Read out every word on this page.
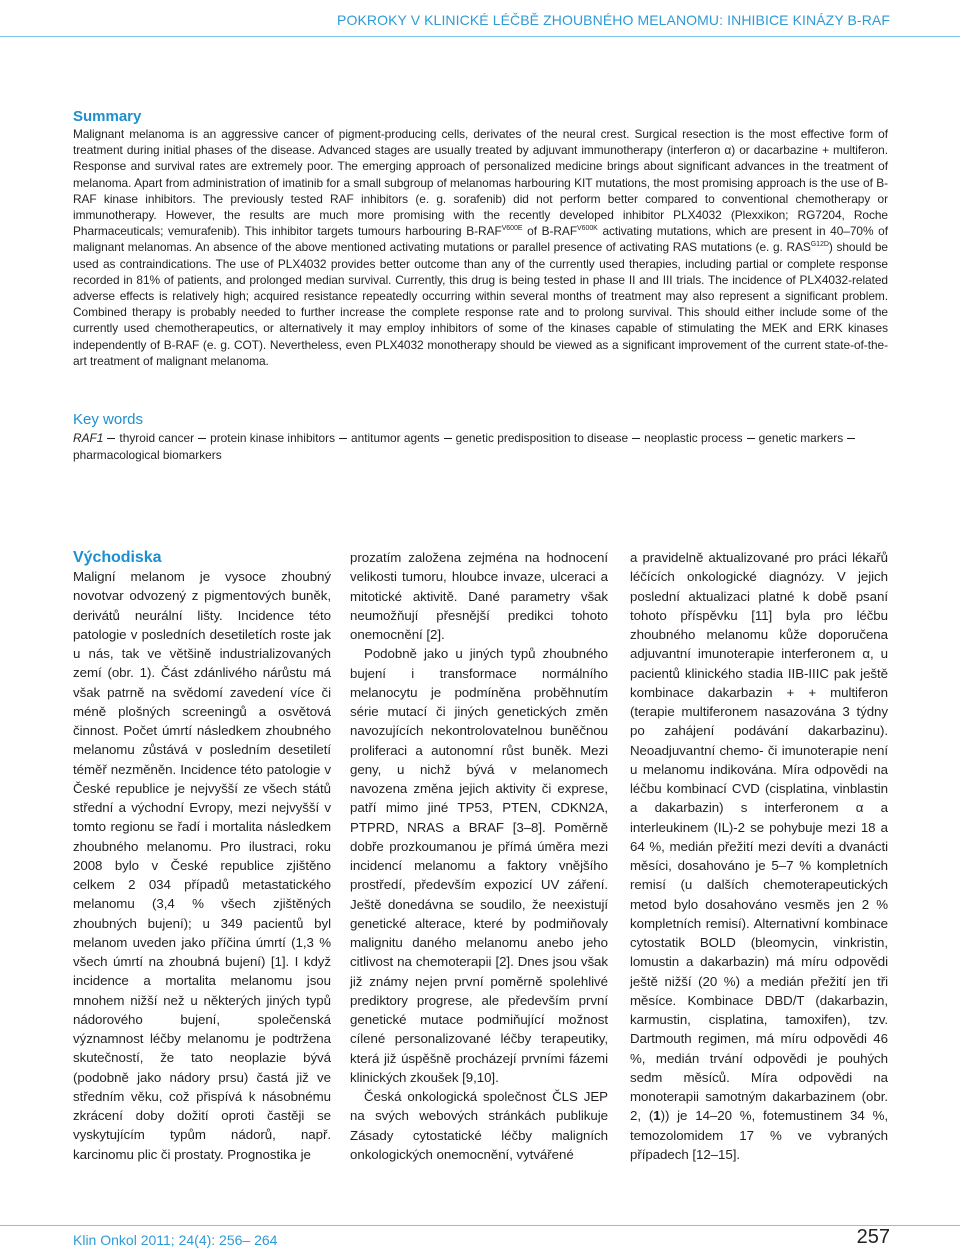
POKROKY V KLINICKÉ LÉČBĚ ZHOUBNÉHO MELANOMU: INHIBICE KINÁZY B-RAF
Summary

Malignant melanoma is an aggressive cancer of pigment-producing cells, derivates of the neural crest. Surgical resection is the most effective form of treatment during initial phases of the disease. Advanced stages are usually treated by adjuvant immunotherapy (interferon α) or dacarbazine + multiferon. Response and survival rates are extremely poor. The emerging approach of personalized medicine brings about significant advances in the treatment of melanoma. Apart from administration of imatinib for a small subgroup of melanomas harbouring KIT mutations, the most promising approach is the use of B-RAF kinase inhibitors. The previously tested RAF inhibitors (e. g. sorafenib) did not perform better compared to conventional chemotherapy or immunotherapy. However, the results are much more promising with the recently developed inhibitor PLX4032 (Plexxikon; RG7204, Roche Pharmaceuticals; vemurafenib). This inhibitor targets tumours harbouring $B-RAF^{V600E}$ of $B-RAF^{V600K}$ activating mutations, which are present in 40–70% of malignant melanomas. An absence of the above mentioned activating mutations or parallel presence of activating RAS mutations (e. g. $RAS^{G12D}$) should be used as contraindications. The use of PLX4032 provides better outcome than any of the currently used therapies, including partial or complete response recorded in 81% of patients, and prolonged median survival. Currently, this drug is being tested in phase II and III trials. The incidence of PLX4032-related adverse effects is relatively high; acquired resistance repeatedly occurring within several months of treatment may also represent a significant problem. Combined therapy is probably needed to further increase the complete response rate and to prolong survival. This should either include some of the currently used chemotherapeutics, or alternatively it may employ inhibitors of some of the kinases capable of stimulating the MEK and ERK kinases independently of B-RAF (e. g. COT). Nevertheless, even PLX4032 monotherapy should be viewed as a significant improvement of the current state-of-the-art treatment of malignant melanoma.

Key words

RAF1 thyroid cancer protein kinase inhibitors antitumor agents genetic predisposition to disease neoplastic process genetic markerspharmacological biomarkers

Východiska

Maligní melanom je vysoce zhoubný novotvar odvozený z pigmentových buněk, derivátů neurální lišty. Incidence této patologie v posledních desetiletích roste jak u nás, tak ve většině industrializovaných zemí (obr. 1). Část zdánlivého nárůstu má však patrně na svědomí zavedení více či méně plošných screeningů a osvětová činnost. Počet úmrtí následkem zhoubného melanomu zůstává v posledním desetiletí téměř nezměněn. Incidence této patologie v České republice je nejvyšší ze všech států střední a východní Evropy, mezi nejvyšší v tomto regionu se řadí i mortalita následkem zhoubného melanomu. Pro ilustraci, roku 2008 bylo v České republice zjištěno celkem 2 034 případů metastatického melanomu (3,4 % všech zjištěných zhoubných bujení); u 349 pacientů byl melanom uveden jako příčina úmrtí (1,3 % všech úmrtí na zhoubná bujení) [1]. I když incidence a mortalita melanomu jsou mnohem nižší než u některých jiných typů nádorového bujení, společenská významnost léčby melanomu je podtržena skutečností, že tato neoplazie bývá (podobně jako nádory prsu) častá již ve středním věku, což přispívá k násobnému zkrácení doby dožití oproti častěji se vyskytujícím typům nádorů, např. karcinomu plic či prostaty. Prognostika je

prozatím založena zejména na hodnocení velikosti tumoru, hloubce invaze, ulceraci a mitotické aktivitě. Dané parametry však neumožňují přesnější predikci tohoto onemocnění [2].

Podobně jako u jiných typů zhoubného bujení i transformace normálního melanocytu je podmíněna proběhnutím série mutací či jiných genetických změn navozujících nekontrolovatelnou buněčnou proliferaci a autonomní růst buněk. Mezi geny, u nichž bývá v melanomech navozena změna jejich aktivity či exprese, patří mimo jiné TP53, PTEN, CDKN2A, PTPRD, NRAS a BRAF [3–8]. Poměrně dobře prozkoumanou je přímá úměra mezi incidencí melanomu a faktory vnějšího prostředí, především expozicí UV záření. Ještě donedávna se soudilo, že neexistují genetické alterace, které by podmiňovaly malignitu daného melanomu anebo jeho citlivost na chemoterapii [2]. Dnes jsou však již známy nejen první poměrně spolehlivé prediktory progrese, ale především první genetické mutace podmiňující možnost cílené personalizované léčby terapeutiky, která již úspěšně procházejí prvními fázemi klinických zkoušek [9,10].

Česká onkologická společnost ČLS JEP na svých webových stránkách publikuje Zásady cytostatické léčby maligních onkologických onemocnění, vytvářené

a pravidelně aktualizované pro práci lékařů léčících onkologické diagnózy. V jejich poslední aktualizaci platné k době psaní tohoto příspěvku [11] byla pro léčbu zhoubného melanomu kůže doporučena adjuvantní imunoterapie interferonem α, u pacientů klinického stadia IIB-IIIC pak ještě kombinace dakarbazin + + multiferon (terapie multiferonem nasazována 3 týdny po zahájení podávání dakarbazinu). Neoadjuvantní chemo- či imunoterapie není u melanomu indikována. Míra odpovědi na léčbu kombinací CVD (cisplatina, vinblastin a dakarbazin) s interferonem α a interleukinem (IL)-2 se pohybuje mezi 18 a 64 %, medián přežití mezi devíti a dvanácti měsíci, dosahováno je 5–7 % kompletních remisí (u dalších chemoterapeutických metod bylo dosahováno vesměs jen 2 % kompletních remisí). Alternativní kombinace cytostatik BOLD (bleomycin, vinkristin, lomustin a dakarbazin) má míru odpovědi ještě nižší (20 %) a medián přežití jen tři měsíce. Kombinace DBD/T (dakarbazin, karmustin, cisplatina, tamoxifen), tzv. Dartmouth regimen, má míru odpovědi 46 %, medián trvání odpovědi je pouhých sedm měsíců. Míra odpovědi na monoterapii samotným dakarbazinem (obr. 2, (1)) je 14–20 %, fotemustinem 34 %, temozolomidem 17 % ve vybraných případech [12–15].

Klin Onkol 2011; 24(4): 256– 264	257
